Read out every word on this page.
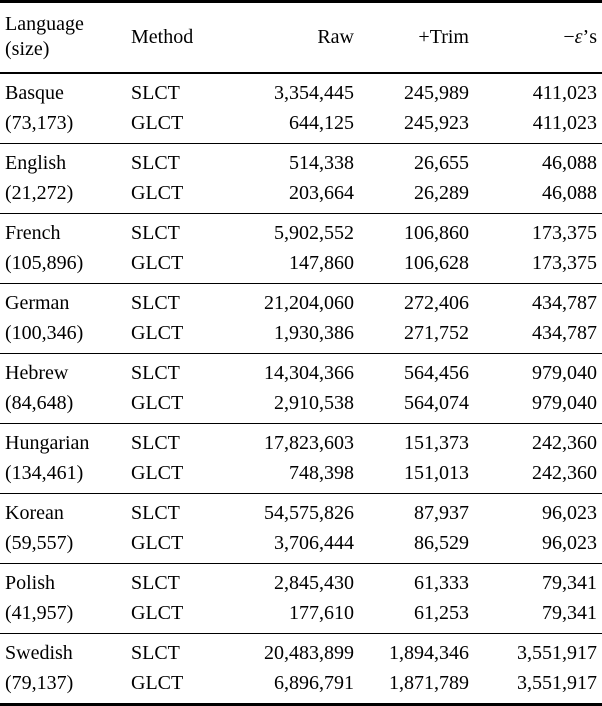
Language
(size)	Method	Raw	+Trim	−ε’s
Basque	SLCT	3,354,445	245,989	411,023
(73,173)	GLCT	644,125	245,923	411,023
English	SLCT	514,338	26,655	46,088
(21,272)	GLCT	203,664	26,289	46,088
French	SLCT	5,902,552	106,860	173,375
(105,896)	GLCT	147,860	106,628	173,375
German	SLCT	21,204,060	272,406	434,787
(100,346)	GLCT	1,930,386	271,752	434,787
Hebrew	SLCT	14,304,366	564,456	979,040
(84,648)	GLCT	2,910,538	564,074	979,040
Hungarian	SLCT	17,823,603	151,373	242,360
(134,461)	GLCT	748,398	151,013	242,360
Korean	SLCT	54,575,826	87,937	96,023
(59,557)	GLCT	3,706,444	86,529	96,023
Polish	SLCT	2,845,430	61,333	79,341
(41,957)	GLCT	177,610	61,253	79,341
Swedish	SLCT	20,483,899	1,894,346	3,551,917
(79,137)	GLCT	6,896,791	1,871,789	3,551,917
